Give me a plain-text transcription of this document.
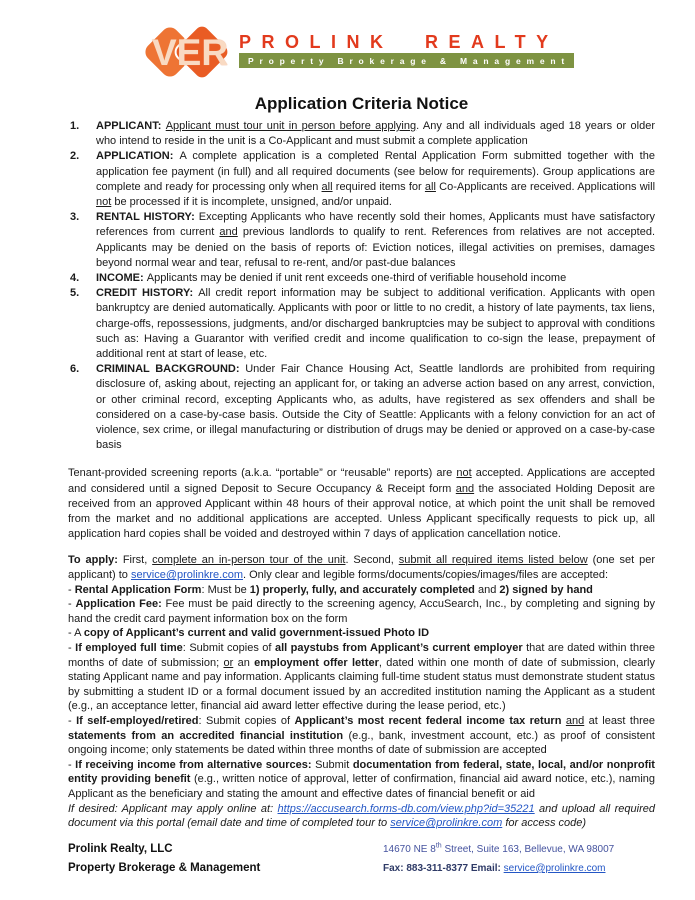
VER PROLINK REALTY
Property Brokerage & Management
Application Criteria Notice
1. APPLICANT: Applicant must tour unit in person before applying. Any and all individuals aged 18 years or older who intend to reside in the unit is a Co-Applicant and must submit a complete application
2. APPLICATION: A complete application is a completed Rental Application Form submitted together with the application fee payment (in full) and all required documents (see below for requirements). Group applications are complete and ready for processing only when all required items for all Co-Applicants are received. Applications will not be processed if it is incomplete, unsigned, and/or unpaid.
3. RENTAL HISTORY: Excepting Applicants who have recently sold their homes, Applicants must have satisfactory references from current and previous landlords to qualify to rent. References from relatives are not accepted. Applicants may be denied on the basis of reports of: Eviction notices, illegal activities on premises, damages beyond normal wear and tear, refusal to re-rent, and/or past-due balances
4. INCOME: Applicants may be denied if unit rent exceeds one-third of verifiable household income
5. CREDIT HISTORY: All credit report information may be subject to additional verification. Applicants with open bankruptcy are denied automatically. Applicants with poor or little to no credit, a history of late payments, tax liens, charge-offs, repossessions, judgments, and/or discharged bankruptcies may be subject to approval with conditions such as: Having a Guarantor with verified credit and income qualification to co-sign the lease, prepayment of additional rent at start of lease, etc.
6. CRIMINAL BACKGROUND: Under Fair Chance Housing Act, Seattle landlords are prohibited from requiring disclosure of, asking about, rejecting an applicant for, or taking an adverse action based on any arrest, conviction, or other criminal record, excepting Applicants who, as adults, have registered as sex offenders and shall be considered on a case-by-case basis. Outside the City of Seattle: Applicants with a felony conviction for an act of violence, sex crime, or illegal manufacturing or distribution of drugs may be denied or approved on a case-by-case basis

Tenant-provided screening reports (a.k.a. “portable” or “reusable” reports) are not accepted. Applications are accepted and considered until a signed Deposit to Secure Occupancy & Receipt form and the associated Holding Deposit are received from an approved Applicant within 48 hours of their approval notice, at which point the unit shall be removed from the market and no additional applications are accepted. Unless Applicant specifically requests to pick up, all application hard copies shall be voided and destroyed within 7 days of application cancellation notice.

To apply: First, complete an in-person tour of the unit. Second, submit all required items listed below (one set per applicant) to service@prolinkre.com. Only clear and legible forms/documents/copies/images/files are accepted:

- Rental Application Form: Must be 1) properly, fully, and accurately completed and 2) signed by hand

- Application Fee: Fee must be paid directly to the screening agency, AccuSearch, Inc., by completing and signing by hand the credit card payment information box on the form

- A copy of Applicant’s current and valid government-issued Photo ID

- If employed full time: Submit copies of all paystubs from Applicant’s current employer that are dated within three months of date of submission; or an employment offer letter, dated within one month of date of submission, clearly stating Applicant name and pay information. Applicants claiming full-time student status must demonstrate student status by submitting a student ID or a formal document issued by an accredited institution naming the Applicant as a student (e.g., an acceptance letter, financial aid award letter effective during the lease period, etc.)

- If self-employed/retired: Submit copies of Applicant’s most recent federal income tax return and at least three statements from an accredited financial institution (e.g., bank, investment account, etc.) as proof of consistent ongoing income; only statements be dated within three months of date of submission are accepted

- If receiving income from alternative sources: Submit documentation from federal, state, local, and/or nonprofit entity providing benefit (e.g., written notice of approval, letter of confirmation, financial aid award notice, etc.), naming Applicant as the beneficiary and stating the amount and effective dates of financial benefit or aid

If desired: Applicant may apply online at: https://accusearch.forms-db.com/view.php?id=35221 and upload all required document via this portal (email date and time of completed tour to service@prolinkre.com for access code)

Prolink Realty, LLC
Property Brokerage & Management
14670 NE 8th Street, Suite 163, Bellevue, WA 98007
Fax: 883-311-8377 Email: service@prolinkre.com
